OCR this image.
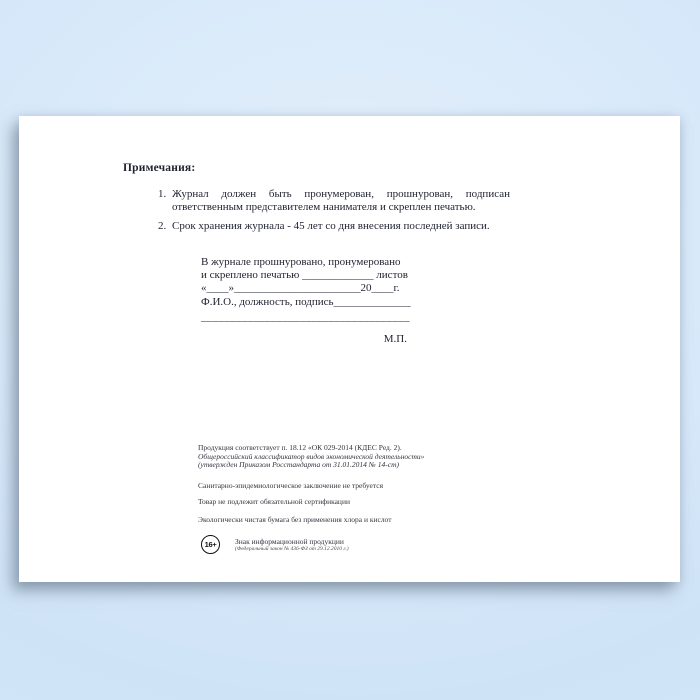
Примечания:
1. Журнал должен быть пронумерован, прошнурован, подписан ответственным представителем нанимателя и скреплен печатью.
2. Срок хранения журнала - 45 лет со дня внесения последней записи.
В журнале прошнуровано, пронумеровано
и скреплено печатью _____________ листов
«____»_______________________20____г.
Ф.И.О., должность, подпись______________
____________________________________
М.П.
Продукция соответствует п. 18.12 «ОК 029-2014 (КДЕС Ред. 2).
Общероссийский классификатор видов экономической деятельности»
(утвержден Приказом Росстандарта от 31.01.2014 № 14-ст)
Санитарно-эпидемиологическое заключение не требуется
Товар не подлежит обязательной сертификации
Экологически чистая бумага без применения хлора и кислот
16+	Знак информационной продукции
(Федеральный закон № 436-ФЗ от 29.12.2010 г.)
